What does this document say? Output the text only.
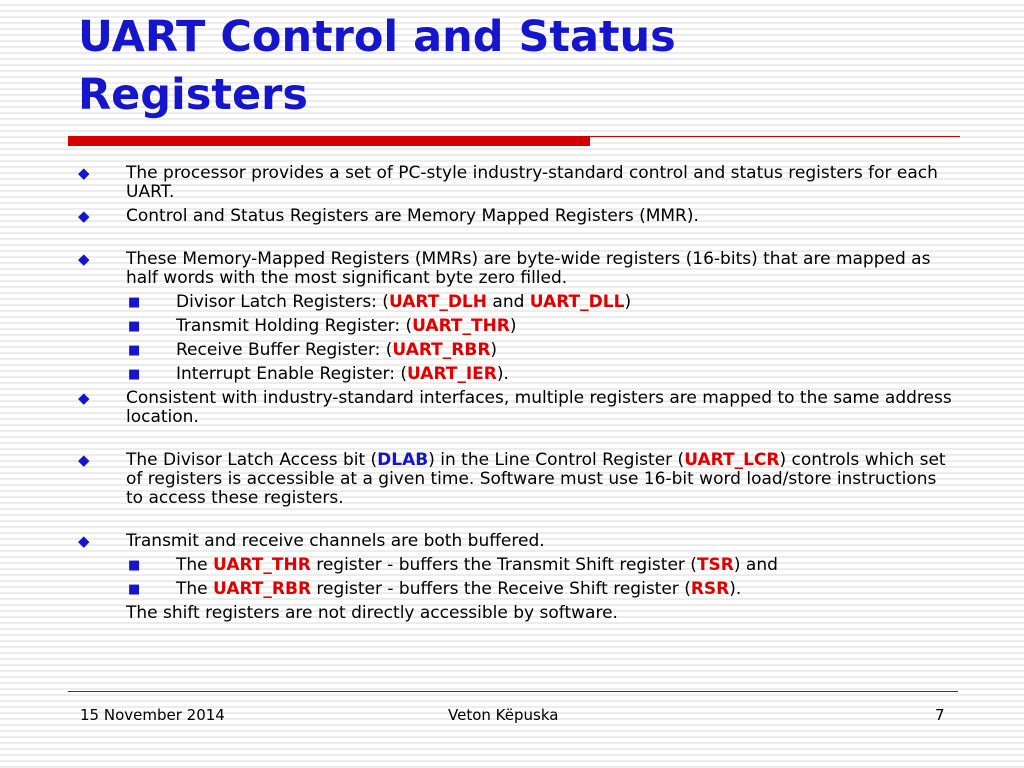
UART Control and Status
Registers
◆ The processor provides a set of PC-style industry-standard control and status registers for each UART.
◆ Control and Status Registers are Memory Mapped Registers (MMR).
◆ These Memory-Mapped Registers (MMRs) are byte-wide registers (16-bits) that are mapped as half words with the most significant byte zero filled.
■ Divisor Latch Registers: (UART_DLH and UART_DLL)
■ Transmit Holding Register: (UART_THR)
■ Receive Buffer Register: (UART_RBR)
■ Interrupt Enable Register: (UART_IER).
◆ Consistent with industry-standard interfaces, multiple registers are mapped to the same address location.
◆ The Divisor Latch Access bit (DLAB) in the Line Control Register (UART_LCR) controls which set of registers is accessible at a given time. Software must use 16-bit word load/store instructions to access these registers.
◆ Transmit and receive channels are both buffered.
■ The UART_THR register - buffers the Transmit Shift register (TSR) and
■ The UART_RBR register - buffers the Receive Shift register (RSR).
The shift registers are not directly accessible by software.
15 November 2014	Veton Këpuska	7
